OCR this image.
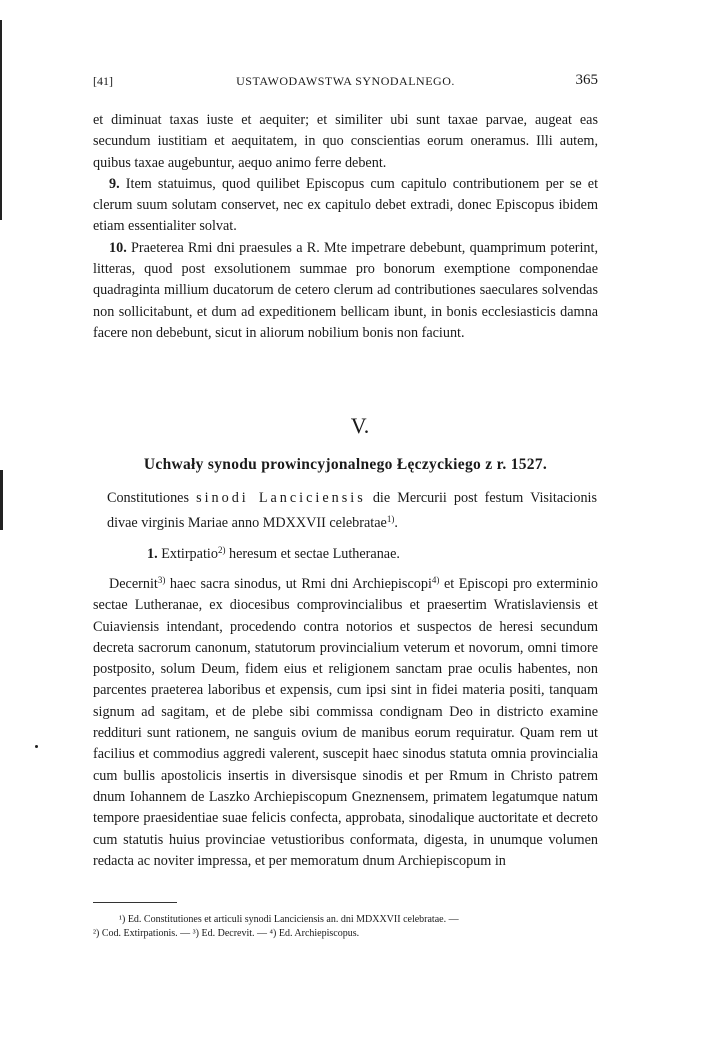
[41]	USTAWODAWSTWA SYNODALNEGO.	365

et diminuat taxas iuste et aequiter; et similiter ubi sunt taxae parvae, augeat eas secundum iustitiam et aequitatem, in quo conscientias eorum oneramus. Illi autem, quibus taxae augebuntur, aequo animo ferre debent.

9. Item statuimus, quod quilibet Episcopus cum capitulo contributionem per se et clerum suum solutam conservet, nec ex capitulo debet extradi, donec Episcopus ibidem etiam essentialiter solvat.

10. Praeterea Rmi dni praesules a R. Mte impetrare debebunt, quamprimum poterint, litteras, quod post exsolutionem summae pro bonorum exemptione componendae quadraginta millium ducatorum de cetero clerum ad contributiones saeculares solvendas non sollicitabunt, et dum ad expeditionem bellicam ibunt, in bonis ecclesiasticis damna facere non debebunt, sicut in aliorum nobilium bonis non faciunt.

V.
Uchwały synodu prowincyjonalnego Łęczyckiego z r. 1527.
Constitutiones sinodi Lanciciensis die Mercurii post festum Visitacionis divae virginis Mariae anno MDXXVII celebratae$^{1)}$.
1. Extirpatio$^{2)}$ heresum et sectae Lutheranae.

Decernit$^{3)}$ haec sacra sinodus, ut Rmi dni Archiepiscopi$^{4)}$ et Episcopi pro exterminio sectae Lutheranae, ex diocesibus comprovincialibus et praesertim Wratislaviensis et Cuiaviensis intendant, procedendo contra notorios et suspectos de heresi secundum decreta sacrorum canonum, statutorum provincialium veterum et novorum, omni timore postposito, solum Deum, fidem eius et religionem sanctam prae oculis habentes, non parcentes praeterea laboribus et expensis, cum ipsi sint in fidei materia positi, tanquam signum ad sagitam, et de plebe sibi commissa condignam Deo in districto examine redditurі sunt rationem, ne sanguis ovium de manibus eorum requiratur. Quam rem ut facilius et commodius aggredi valerent, suscepit haec sinodus statuta omnia provincialia cum bullis apostolicis insertis in diversisque sinodis et per Rmum in Christo patrem dnum Iohannem de Laszko Archiepiscopum Gneznensem, primatem legatumque natum tempore praesidentiae suae felicis confecta, approbata, sinodalique auctoritate et decreto cum statutis huius provinciae vetustioribus conformata, digesta, in unumque volumen redacta ac noviter impressa, et per memoratum dnum Archiepiscopum in

¹) Ed. Constitutiones et articuli synodi Lanciciensis an. dni MDXXVII celebratae. —

²) Cod. Extirpationis. — ³) Ed. Decrevit. — ⁴) Ed. Archiepiscopus.
